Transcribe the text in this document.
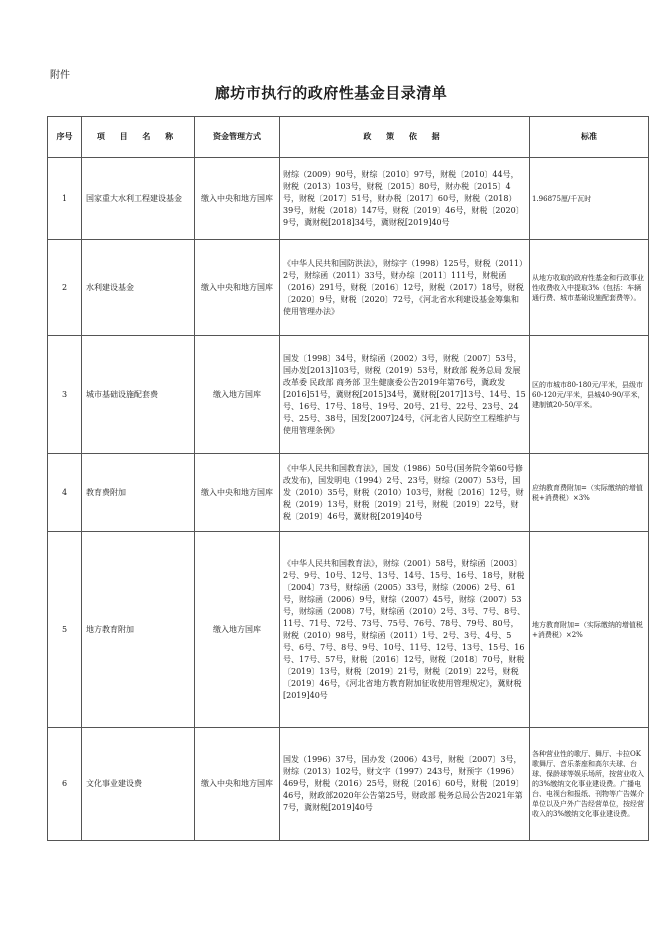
附件
廊坊市执行的政府性基金目录清单
序号	项 目 名 称	资金管理方式	政 策 依 据	标准
1	国家重大水利工程建设基金	缴入中央和地方国库	财综（2009）90号，财综〔2010〕97号，财税〔2010〕44号，财税（2013）103号，财税〔2015〕80号，财办税〔2015〕4号，财税〔2017〕51号，财办税〔2017〕60号，财税（2018）39号，财税（2018）147号，财税〔2019〕46号，财税〔2020〕9号，冀财税[2018]34号，冀财税[2019]40号	1.96875厘/千瓦时
2	水利建设基金	缴入中央和地方国库	《中华人民共和国防洪法》，财综字（1998）125号，财税（2011）2号，财综函（2011）33号，财办综〔2011〕111号，财税函（2016）291号，财税〔2016〕12号，财税（2017）18号，财税〔2020〕9号，财税〔2020〕72号，《河北省水利建设基金筹集和使用管理办法》	从地方收取的政府性基金和行政事业性收费收入中提取3%（包括：车辆通行费、城市基础设施配套费等）。
3	城市基础设施配套费	缴入地方国库	国发〔1998〕34号，财综函（2002）3号，财税〔2007〕53号，国办发[2013]103号，财税（2019）53号，财政部 税务总局 发展改革委 民政部 商务部 卫生健康委公告2019年第76号，冀政发[2016]51号，冀财税[2015]34号，冀财税[2017]13号、14号、15号、16号、17号、18号、19号、20号、21号、22号、23号、24号、25号、38号，国发[2007]24号，《河北省人民防空工程维护与使用管理条例》	区的市城市80-180元/平米，县级市60-120元/平米，县城40-90/平米，建制镇20-50/平米。
4	教育费附加	缴入中央和地方国库	《中华人民共和国教育法》，国发（1986）50号(国务院令第60号修改发布)，国发明电（1994）2号、23号，财综（2007）53号，国发（2010）35号，财税（2010）103号，财税〔2016〕12号，财税（2019）13号，财税〔2019〕21号，财税〔2019〕22号，财税〔2019〕46号，冀财税[2019]40号	应纳教育费附加=（实际缴纳的增值税+消费税）×3%
5	地方教育附加	缴入地方国库	《中华人民共和国教育法》，财综（2001）58号，财综函〔2003〕2号、9号、10号、12号、13号、14号、15号、16号、18号，财税〔2004〕73号，财综函（2005）33号，财综（2006）2号、61号，财综函（2006）9号，财综（2007）45号，财综（2007）53号，财综函（2008）7号，财综函（2010）2号、3号、7号、8号、11号、71号、72号、73号、75号、76号、78号、79号、80号，财税（2010）98号，财综函（2011）1号、2号、3号、4号、5号、6号、7号、8号、9号、10号、11号、12号、13号、15号、16号、17号、57号，财税〔2016〕12号，财税〔2018〕70号，财税〔2019〕13号，财税〔2019〕21号，财税〔2019〕22号，财税〔2019〕46号，《河北省地方教育附加征收使用管理规定》，冀财税[2019]40号	地方教育附加=（实际缴纳的增值税+消费税）×2%
6	文化事业建设费	缴入中央和地方国库	国发（1996）37号，国办发（2006）43号，财税〔2007〕3号，财综（2013）102号，财文字（1997）243号，财预字（1996）469号，财税（2016）25号，财税〔2016〕60号，财税〔2019〕46号，财政部2020年公告第25号，财政部 税务总局公告2021年第7号，冀财税[2019]40号	各种营业性的歌厅、舞厅、卡拉OK歌舞厅、音乐茶座和高尔夫球、台球、保龄球等娱乐场所，按营业收入的3%缴纳文化事业建设费。广播电台、电视台和报纸、刊物等广告媒介单位以及户外广告经营单位，按经营收入的3%缴纳文化事业建设费。
